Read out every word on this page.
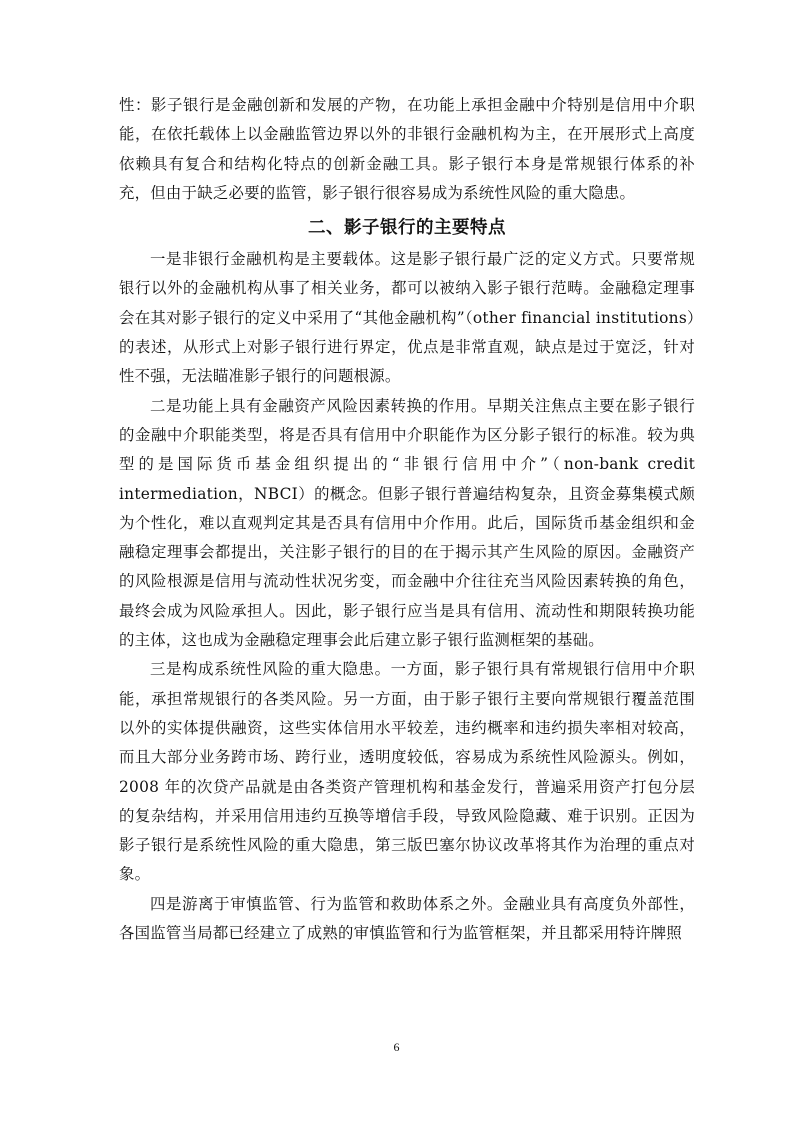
性：影子银行是金融创新和发展的产物，在功能上承担金融中介特别是信用中介职能，在依托载体上以金融监管边界以外的非银行金融机构为主，在开展形式上高度依赖具有复合和结构化特点的创新金融工具。影子银行本身是常规银行体系的补充，但由于缺乏必要的监管，影子银行很容易成为系统性风险的重大隐患。

二、影子银行的主要特点

一是非银行金融机构是主要载体。这是影子银行最广泛的定义方式。只要常规银行以外的金融机构从事了相关业务，都可以被纳入影子银行范畴。金融稳定理事会在其对影子银行的定义中采用了“其他金融机构”（other financial institutions）的表述，从形式上对影子银行进行界定，优点是非常直观，缺点是过于宽泛，针对性不强，无法瞄准影子银行的问题根源。

二是功能上具有金融资产风险因素转换的作用。早期关注焦点主要在影子银行的金融中介职能类型，将是否具有信用中介职能作为区分影子银行的标准。较为典型的是国际货币基金组织提出的“非银行信用中介”（non-bank credit intermediation，NBCI）的概念。但影子银行普遍结构复杂，且资金募集模式颇为个性化，难以直观判定其是否具有信用中介作用。此后，国际货币基金组织和金融稳定理事会都提出，关注影子银行的目的在于揭示其产生风险的原因。金融资产的风险根源是信用与流动性状况劣变，而金融中介往往充当风险因素转换的角色，最终会成为风险承担人。因此，影子银行应当是具有信用、流动性和期限转换功能的主体，这也成为金融稳定理事会此后建立影子银行监测框架的基础。

三是构成系统性风险的重大隐患。一方面，影子银行具有常规银行信用中介职能，承担常规银行的各类风险。另一方面，由于影子银行主要向常规银行覆盖范围以外的实体提供融资，这些实体信用水平较差，违约概率和违约损失率相对较高，而且大部分业务跨市场、跨行业，透明度较低，容易成为系统性风险源头。例如，2008 年的次贷产品就是由各类资产管理机构和基金发行，普遍采用资产打包分层的复杂结构，并采用信用违约互换等增信手段，导致风险隐藏、难于识别。正因为影子银行是系统性风险的重大隐患，第三版巴塞尔协议改革将其作为治理的重点对象。

四是游离于审慎监管、行为监管和救助体系之外。金融业具有高度负外部性，各国监管当局都已经建立了成熟的审慎监管和行为监管框架，并且都采用特许牌照

6
